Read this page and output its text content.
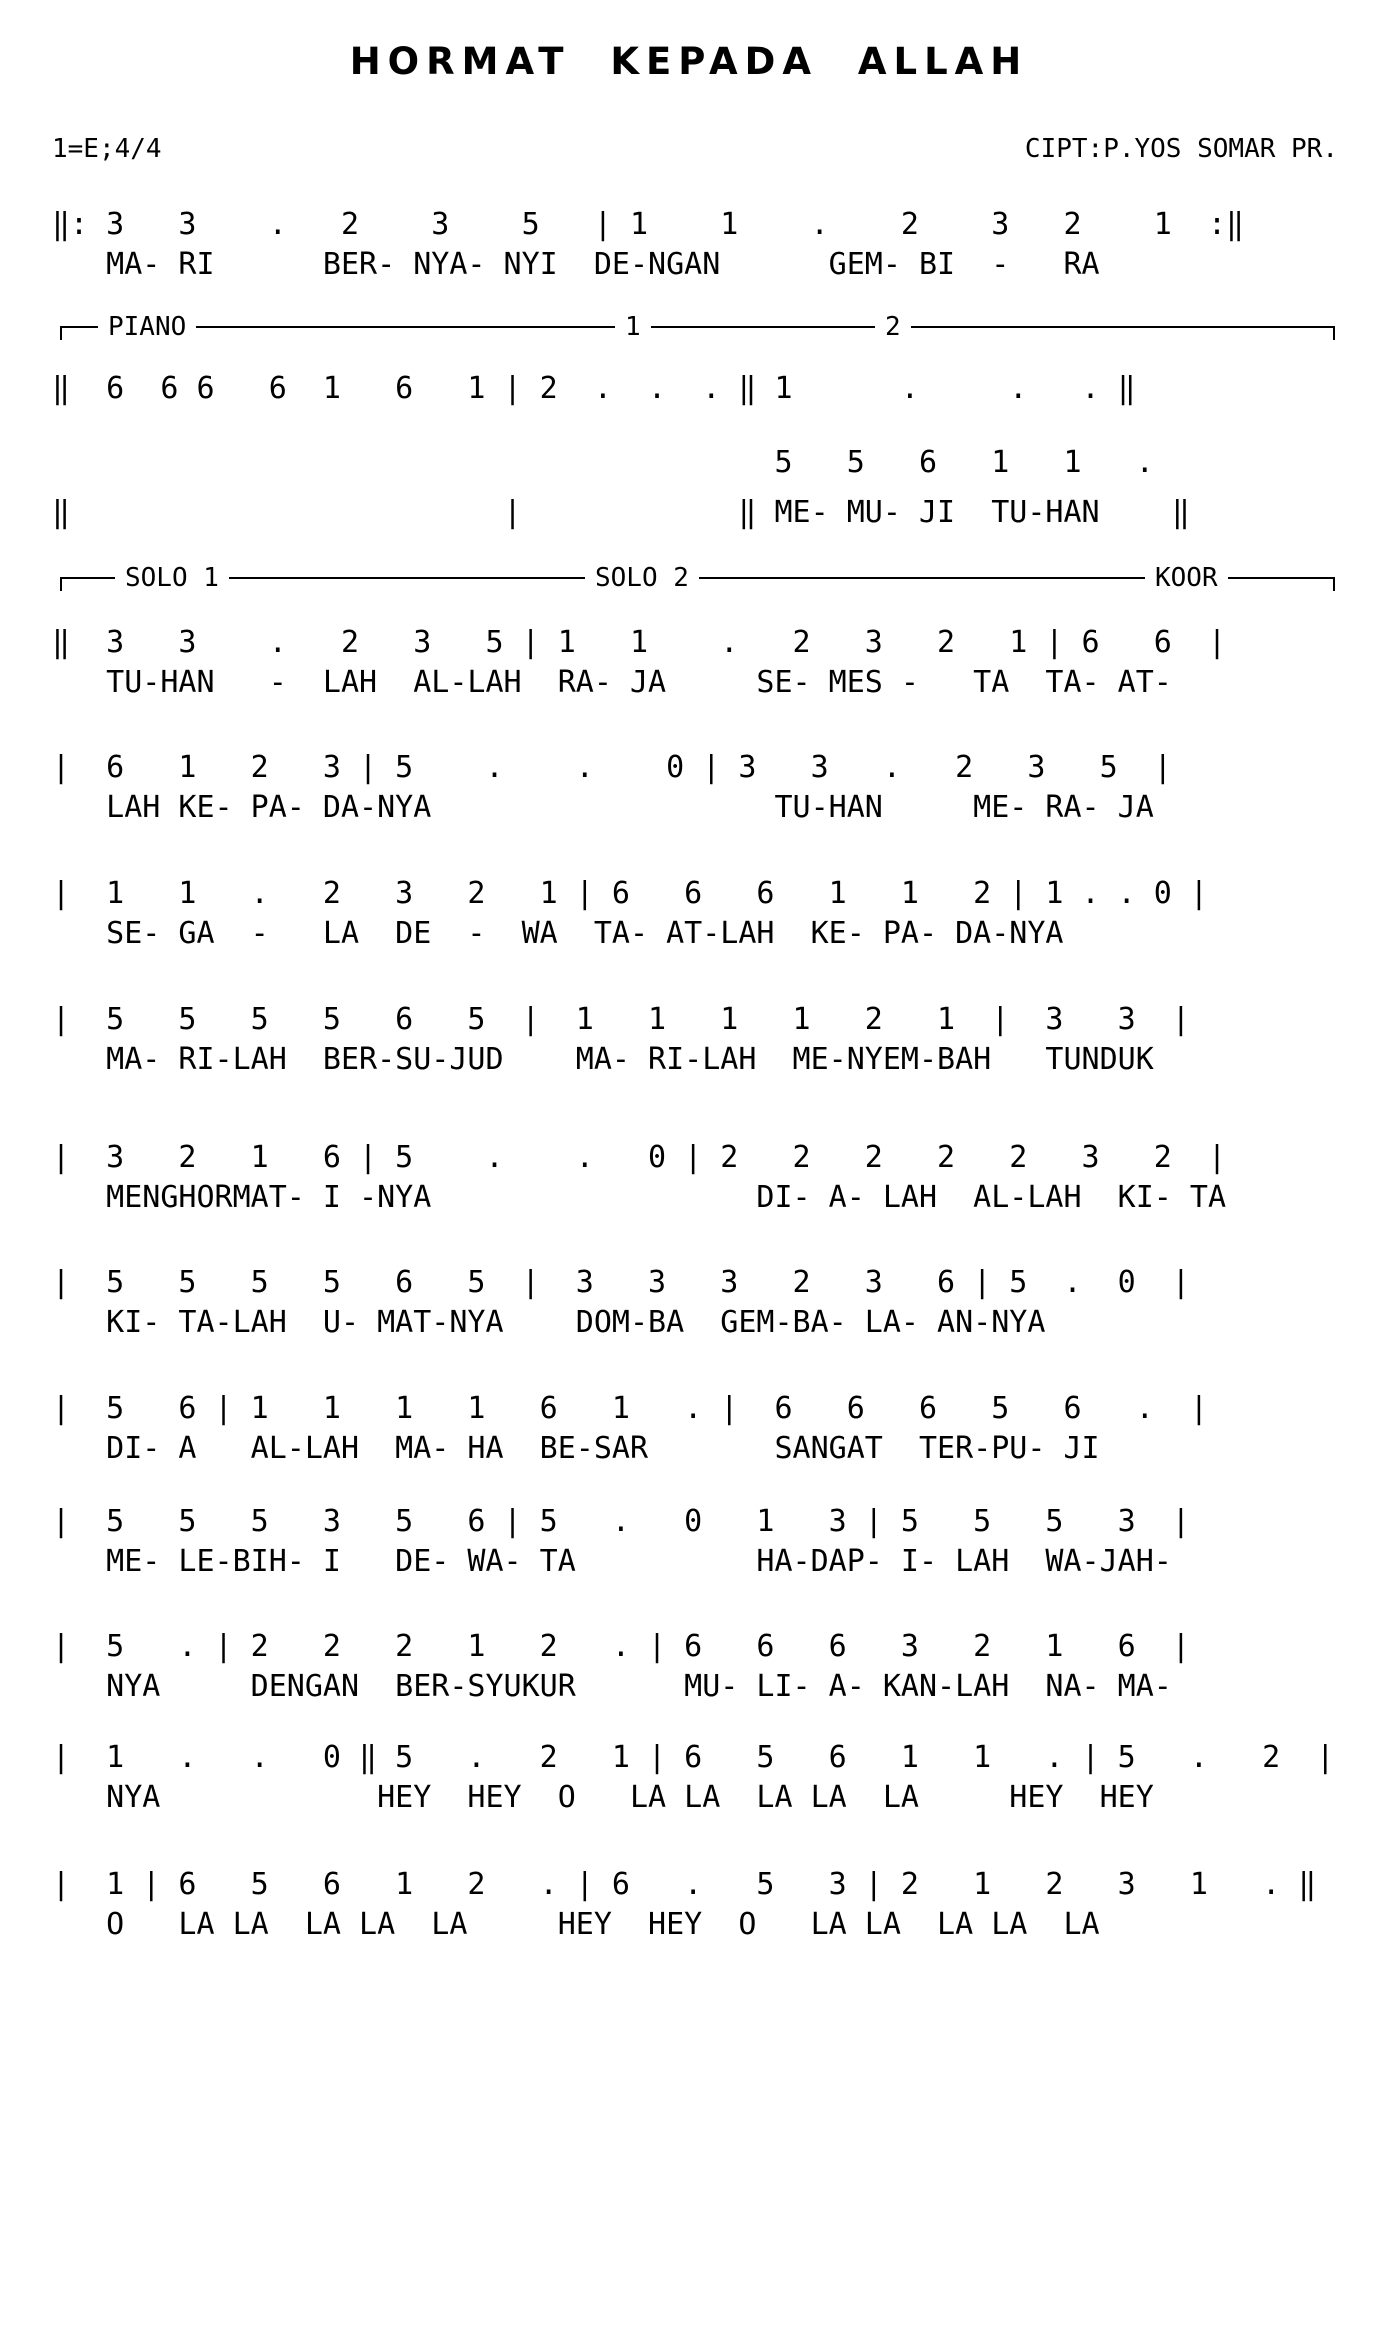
HORMAT KEPADA ALLAH
1=E;4/4	CIPT:P.YOS SOMAR PR.
‖: 3   3    .   2    3    5   | 1    1    .    2    3   2    1  :‖
MA- RI      BER- NYA- NYI  DE-NGAN      GEM- BI  -   RA
PIANO	1	2
‖  6  6 6   6  1   6   1 | 2  .  .  . ‖ 1      .     .   . ‖
5   5   6   1   1   .
‖                        |            ‖ ME- MU- JI  TU-HAN    ‖
SOLO 1	SOLO 2	KOOR
‖  3   3    .   2   3   5 | 1   1    .   2   3   2   1 | 6   6  |
TU-HAN   -  LAH  AL-LAH  RA- JA     SE- MES -   TA  TA- AT-
|  6   1   2   3 | 5    .    .    0 | 3   3   .   2   3   5  |
LAH KE- PA- DA-NYA                   TU-HAN     ME- RA- JA
|  1   1   .   2   3   2   1 | 6   6   6   1   1   2 | 1 . . 0 |
SE- GA  -   LA  DE  -  WA  TA- AT-LAH  KE- PA- DA-NYA
|  5   5   5   5   6   5  |  1   1   1   1   2   1  |  3   3  |
MA- RI-LAH  BER-SU-JUD    MA- RI-LAH  ME-NYEM-BAH   TUNDUK
|  3   2   1   6 | 5    .    .   0 | 2   2   2   2   2   3   2  |
MENGHORMAT- I -NYA                  DI- A- LAH  AL-LAH  KI- TA
|  5   5   5   5   6   5  |  3   3   3   2   3   6 | 5  .  0  |
KI- TA-LAH  U- MAT-NYA    DOM-BA  GEM-BA- LA- AN-NYA
|  5   6 | 1   1   1   1   6   1   . |  6   6   6   5   6   .  |
DI- A   AL-LAH  MA- HA  BE-SAR       SANGAT  TER-PU- JI
|  5   5   5   3   5   6 | 5   .   0   1   3 | 5   5   5   3  |
ME- LE-BIH- I   DE- WA- TA          HA-DAP- I- LAH  WA-JAH-
|  5   . | 2   2   2   1   2   . | 6   6   6   3   2   1   6  |
NYA     DENGAN  BER-SYUKUR      MU- LI- A- KAN-LAH  NA- MA-
|  1   .   .   0 ‖ 5   .   2   1 | 6   5   6   1   1   . | 5   .   2  |
NYA            HEY  HEY  O   LA LA  LA LA  LA     HEY  HEY
|  1 | 6   5   6   1   2   . | 6   .   5   3 | 2   1   2   3   1   . ‖
O   LA LA  LA LA  LA     HEY  HEY  O   LA LA  LA LA  LA
